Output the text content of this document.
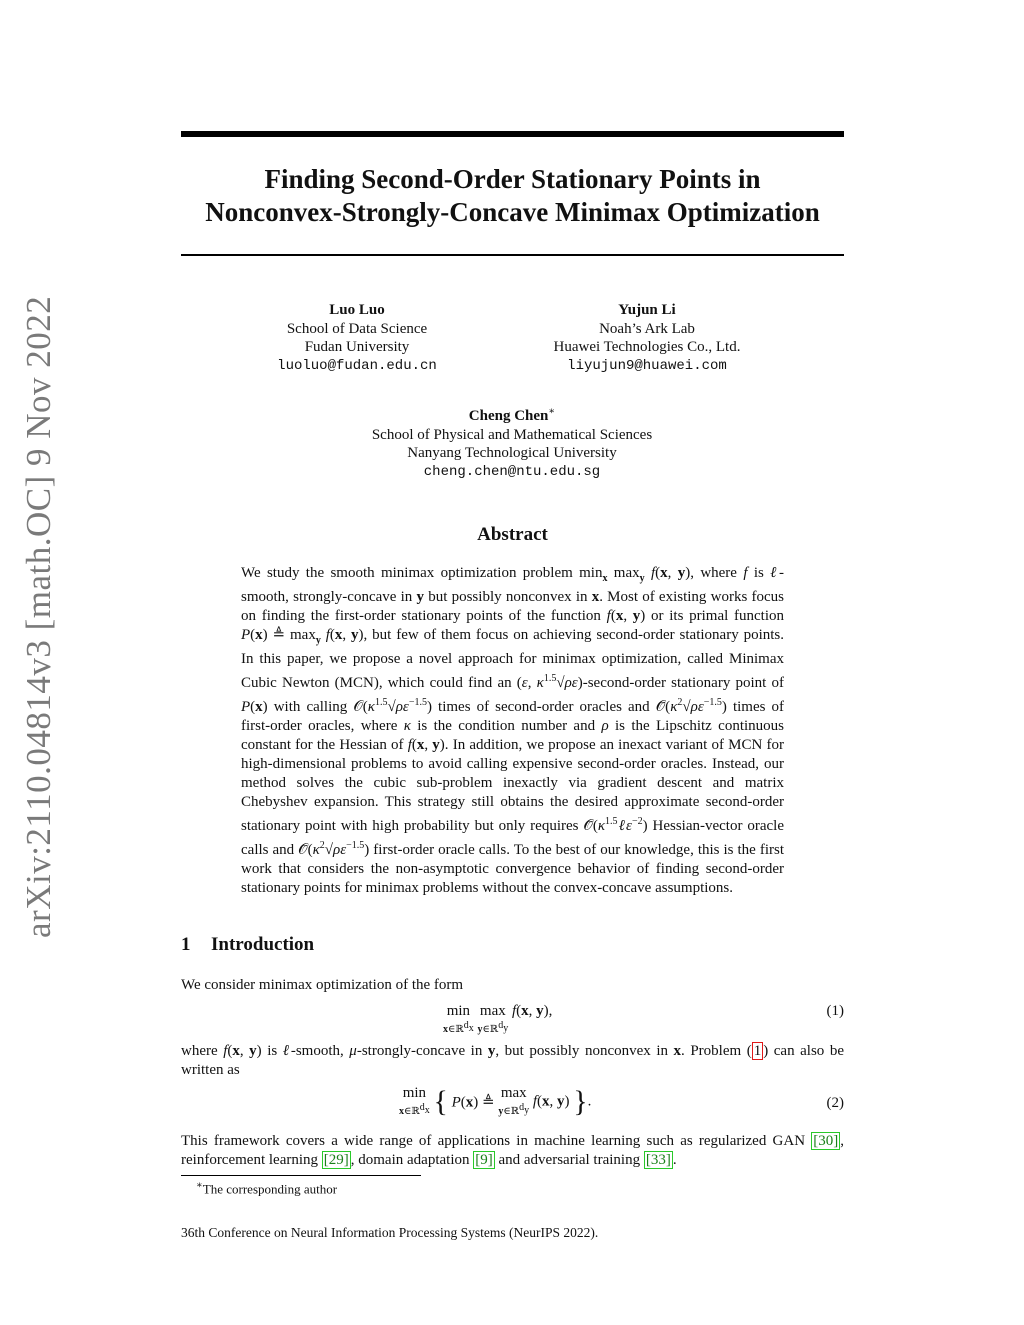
arXiv:2110.04814v3 [math.OC] 9 Nov 2022
Finding Second-Order Stationary Points in
Nonconvex-Strongly-Concave Minimax Optimization
Luo Luo
School of Data Science
Fudan University
luoluo@fudan.edu.cn
Yujun Li
Noah’s Ark Lab
Huawei Technologies Co., Ltd.
liyujun9@huawei.com
Cheng Chen∗
School of Physical and Mathematical Sciences
Nanyang Technological University
cheng.chen@ntu.edu.sg
Abstract

We study the smooth minimax optimization problem $\min_x \max_y f(x$, y), where f is ℓ-smooth, strongly-concave in y but possibly nonconvex in x. Most of existing works focus on finding the first-order stationary points of the function f(x, y) or its primal function P(x) ≜ $\max_y f(x$, y), but few of them focus on achieving second-order stationary points. In this paper, we propose a novel approach for minimax optimization, called Minimax Cubic Newton (MCN), which could find an (ε, $\kappa^{1.5}√\rho\varepsilon)-second$-order stationary point of P(x) with calling $𝒪(\kappa^{1.5}√\rho\varepsilon^{-1.5})$ times of second-order oracles and $𝒪̃(\kappa^2√\rho\varepsilon^{-1.5})$ times of first-order oracles, where κ is the condition number and ρ is the Lipschitz continuous constant for the Hessian of f(x, y). In addition, we propose an inexact variant of MCN for high-dimensional problems to avoid calling expensive second-order oracles. Instead, our method solves the cubic sub-problem inexactly via gradient descent and matrix Chebyshev expansion. This strategy still obtains the desired approximate second-order stationary point with high probability but only requires $𝒪̃(\kappa^{1.5}\ell\varepsilon^{-2})$ Hessian-vector oracle calls and $𝒪̃(\kappa^2√\rho\varepsilon^{-1.5})$ first-order oracle calls. To the best of our knowledge, this is the first work that considers the non-asymptotic convergence behavior of finding second-order stationary points for minimax problems without the convex-concave assumptions.

1 Introduction
We consider minimax optimization of the form
min
x∈ℝ$^{d_x}$ max
y∈ℝ$^{d_y}$ f(x, y),	(1)
where f(x, y) is ℓ-smooth, μ-strongly-concave in y, but possibly nonconvex in x. Problem ( 1 ) can also be written as
min
x∈ℝ$^{d_x}$ { P(x) ≜ max
y∈ℝ$^{d_y}$ f(x, y) }.	(2)
This framework covers a wide range of applications in machine learning such as regularized GAN [30] , reinforcement learning [29] , domain adaptation [9] and adversarial training [33] .
∗The corresponding author
36th Conference on Neural Information Processing Systems (NeurIPS 2022).
